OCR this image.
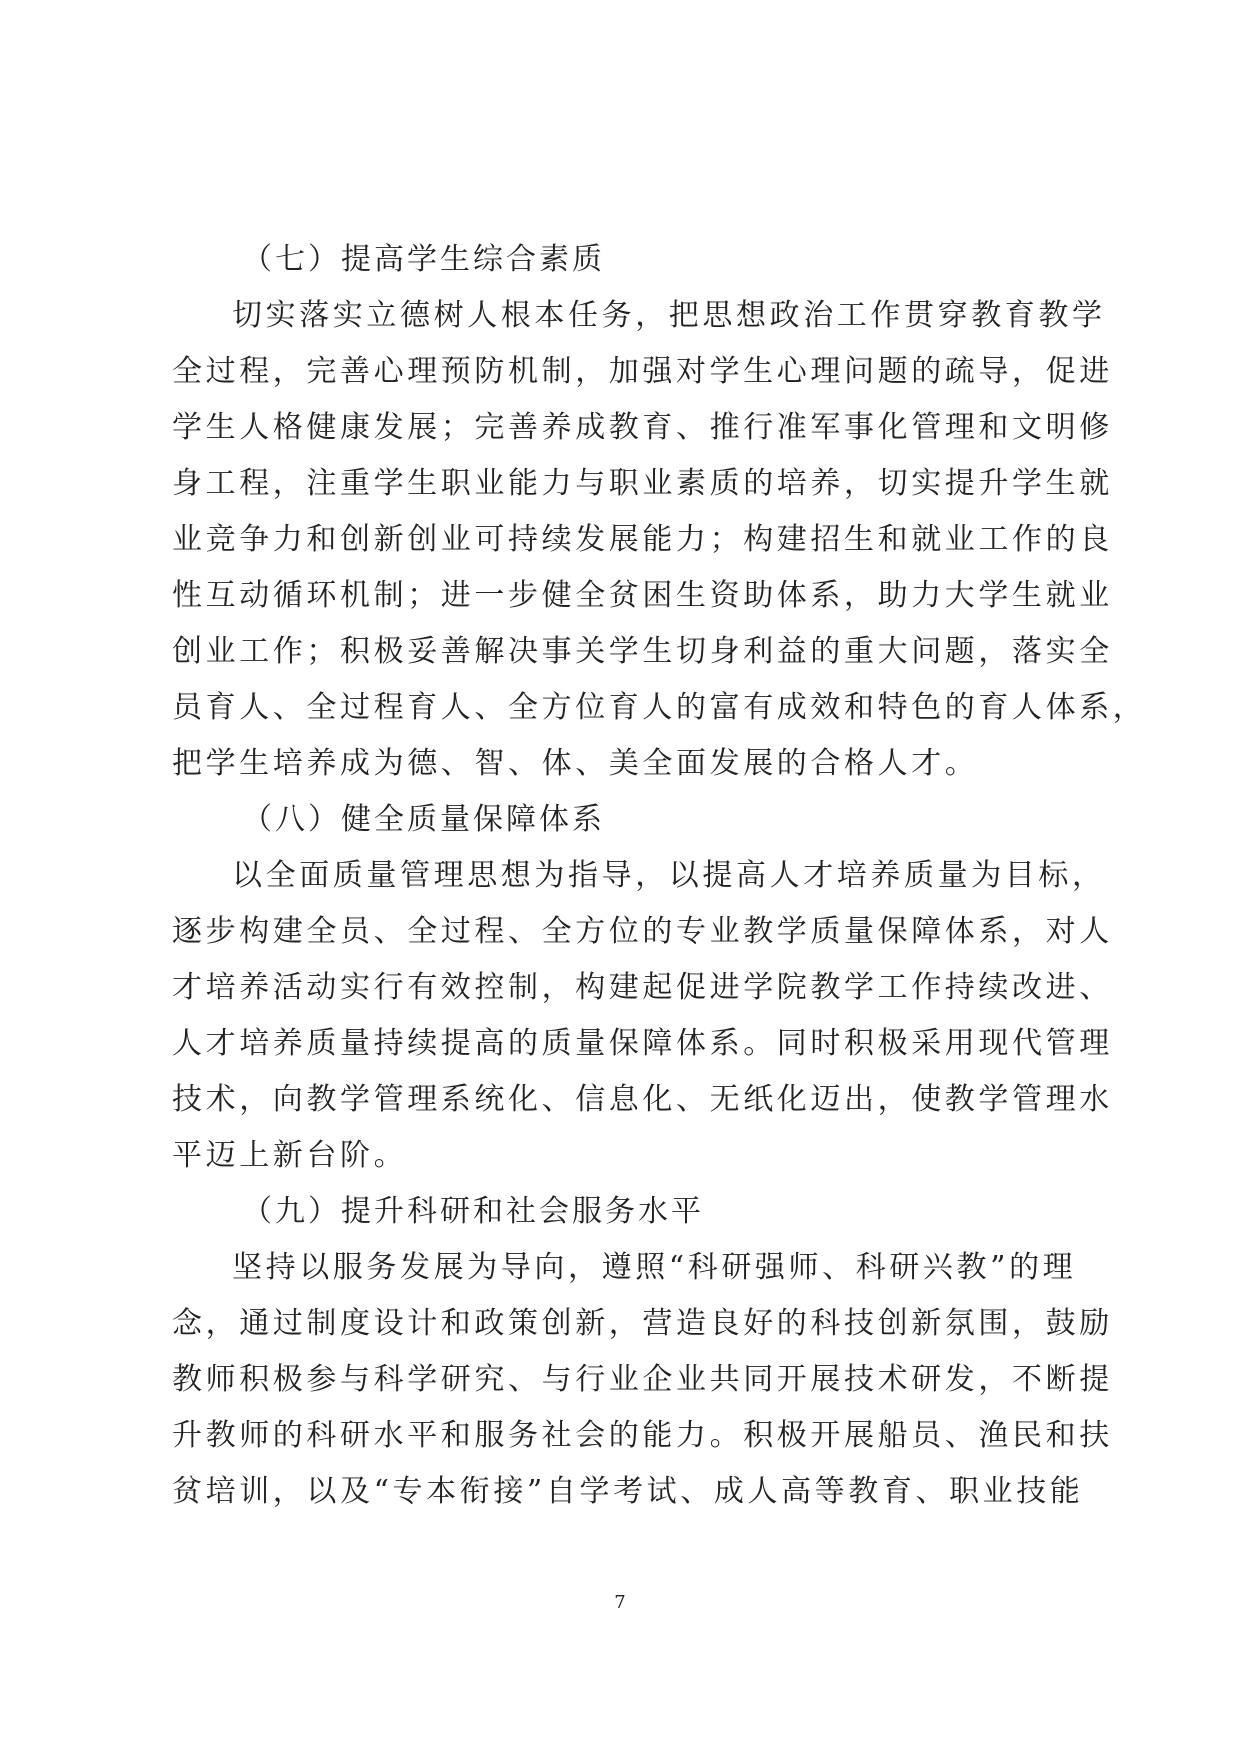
（七）提高学生综合素质
切实落实立德树人根本任务，把思想政治工作贯穿教育教学
全过程，完善心理预防机制，加强对学生心理问题的疏导，促进
学生人格健康发展；完善养成教育、推行准军事化管理和文明修
身工程，注重学生职业能力与职业素质的培养，切实提升学生就
业竞争力和创新创业可持续发展能力；构建招生和就业工作的良
性互动循环机制；进一步健全贫困生资助体系，助力大学生就业
创业工作；积极妥善解决事关学生切身利益的重大问题，落实全
员育人、全过程育人、全方位育人的富有成效和特色的育人体系，
把学生培养成为德、智、体、美全面发展的合格人才。
（八）健全质量保障体系
以全面质量管理思想为指导，以提高人才培养质量为目标，
逐步构建全员、全过程、全方位的专业教学质量保障体系，对人
才培养活动实行有效控制，构建起促进学院教学工作持续改进、
人才培养质量持续提高的质量保障体系。同时积极采用现代管理
技术，向教学管理系统化、信息化、无纸化迈出，使教学管理水
平迈上新台阶。
（九）提升科研和社会服务水平
坚持以服务发展为导向，遵照“科研强师、科研兴教”的理
念，通过制度设计和政策创新，营造良好的科技创新氛围，鼓励
教师积极参与科学研究、与行业企业共同开展技术研发，不断提
升教师的科研水平和服务社会的能力。积极开展船员、渔民和扶
贫培训，以及“专本衔接”自学考试、成人高等教育、职业技能
7
